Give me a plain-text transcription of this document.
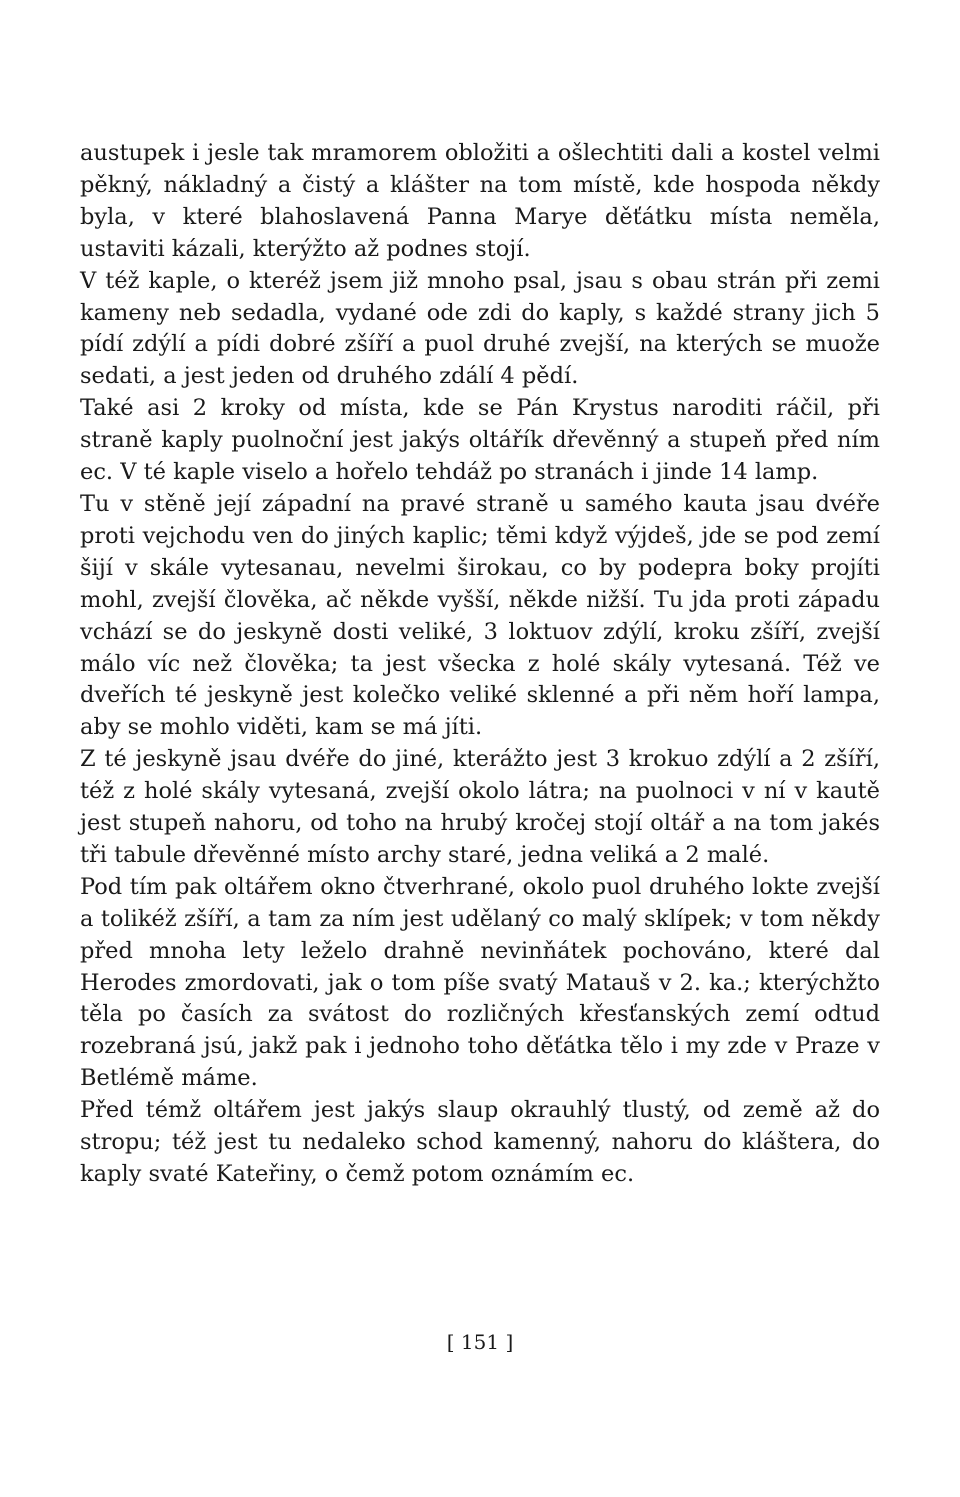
austupek i jesle tak mramorem obložiti a ošlechtiti dali a kostel velmi pěkný, nákladný a čistý a klášter na tom místě, kde hospoda někdy byla, v které blahoslavená Panna Marye děťátku místa neměla, ustaviti kázali, kterýžto až podnes stojí.

V též kaple, o kteréž jsem již mnoho psal, jsau s obau strán při zemi kameny neb sedadla, vydané ode zdi do kaply, s každé strany jich 5 pídí zdýlí a pídi dobré zšíří a puol druhé zvejší, na kterých se muože sedati, a jest jeden od druhého zdálí 4 pědí.

Také asi 2 kroky od místa, kde se Pán Krystus naroditi ráčil, při straně kaply puolnoční jest jakýs oltářík dřevěnný a stupeň před ním ec. V té kaple viselo a hořelo tehdáž po stranách i jinde 14 lamp.

Tu v stěně její západní na pravé straně u samého kauta jsau dvéře proti vejchodu ven do jiných kaplic; těmi když výjdeš, jde se pod zemí šijí v skále vytesanau, nevelmi širokau, co by podepra boky projíti mohl, zvejší člověka, ač někde vyšší, někde nižší. Tu jda proti západu vchází se do jeskyně dosti veliké, 3 loktuov zdýlí, kroku zšíří, zvejší málo víc než člověka; ta jest všecka z holé skály vytesaná. Též ve dveřích té jeskyně jest kolečko veliké sklenné a při něm hoří lampa, aby se mohlo viděti, kam se má jíti.

Z té jeskyně jsau dvéře do jiné, kterážto jest 3 krokuo zdýlí a 2 zšíří, též z holé skály vytesaná, zvejší okolo látra; na puolnoci v ní v kautě jest stupeň nahoru, od toho na hrubý kročej stojí oltář a na tom jakés tři tabule dřevěnné místo archy staré, jedna veliká a 2 malé.

Pod tím pak oltářem okno čtverhrané, okolo puol druhého lokte zvejší a tolikéž zšíří, a tam za ním jest udělaný co malý sklípek; v tom někdy před mnoha lety leželo drahně nevinňátek pochováno, které dal Herodes zmordovati, jak o tom píše svatý Matauš v 2. ka.; kterýchžto těla po časích za svátost do rozličných křesťanských zemí odtud rozebraná jsú, jakž pak i jednoho toho děťátka tělo i my zde v Praze v Betlémě máme.

Před témž oltářem jest jakýs slaup okrauhlý tlustý, od země až do stropu; též jest tu nedaleko schod kamenný, nahoru do kláštera, do kaply svaté Kateřiny, o čemž potom oznámím ec.

[ 151 ]
